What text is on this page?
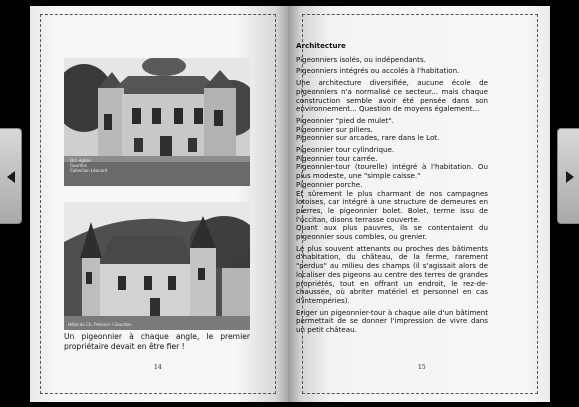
Ort. église
Gourdon
Collection Léonard
Hôtel du Ch. Pelissier / Gourdon
Un pigeonnier à chaque angle, le premier propriétaire devait en être fier !
14	15
Architecture

Pigeonniers isolés, ou indépendants.

Pigeonniers intégrés ou accolés à l'habitation.

Une architecture diversifiée, aucune école de pigeonniers n'a normalisé ce secteur... mais chaque construction semble avoir été pensée dans son environnement... Question de moyens également...

Pigeonnier "pied de mulet".
Pigeonnier sur piliers.
Pigeonnier sur arcades, rare dans le Lot.

Pigeonnier tour cylindrique.
Pigeonnier tour carrée.
Pigeonnier-tour (tourelle) intégré à l'habitation. Ou plus modeste, une "simple caisse."
Pigeonnier porche.
Et sûrement le plus charmant de nos campagnes lotoises, car intégré à une structure de demeures en pierres, le pigeonnier bolet. Bolet, terme issu de l'occitan, disons terrasse couverte.
Quant aux plus pauvres, ils se contentaient du pigeonnier sous combles, ou grenier.

Le plus souvent attenants ou proches des bâtiments d'habitation, du château, de la ferme, rarement "perdus" au milieu des champs (il s'agissait alors de localiser des pigeons au centre des terres de grandes propriétés, tout en offrant un endroit, le rez-de-chaussée, où abriter matériel et personnel en cas d'intempéries).

Eriger un pigeonnier-tour à chaque aile d'un bâtiment permettait de se donner l'impression de vivre dans un petit château.
